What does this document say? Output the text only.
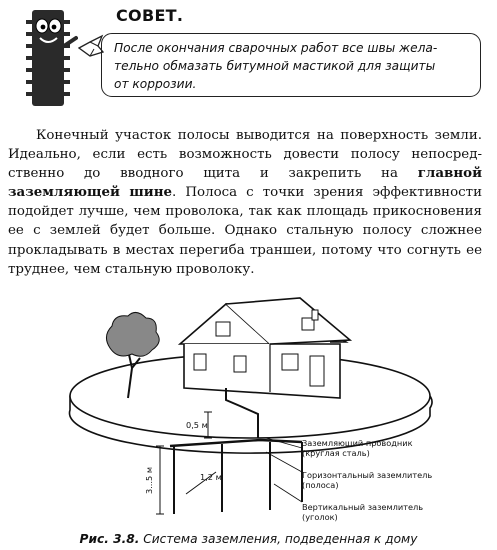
СОВЕТ.
После окончания сварочных работ все швы жела-
тельно обмазать битумной мастикой для защиты
от коррозии.

Конечный участок полосы выводится на поверхность земли. Идеально, если есть возможность довести полосу непосред-ственно до вводного щита и закрепить на главной заземляющей шине. Полоса с точки зрения эффективности подойдет лучше, чем проволока, так как площадь прикосновения ее с землей будет больше. Однако стальную полосу сложнее прокладывать в местах перегиба траншеи, потому что согнуть ее труднее, чем стальную проволоку.

0,5 м
3...5 м	1,2 м
Заземляющий проводник
(круглая сталь)
Горизонтальный заземлитель
(полоса)
Вертикальный заземлитель
(уголок)
Рис. 3.8. Система заземления, подведенная к дому
